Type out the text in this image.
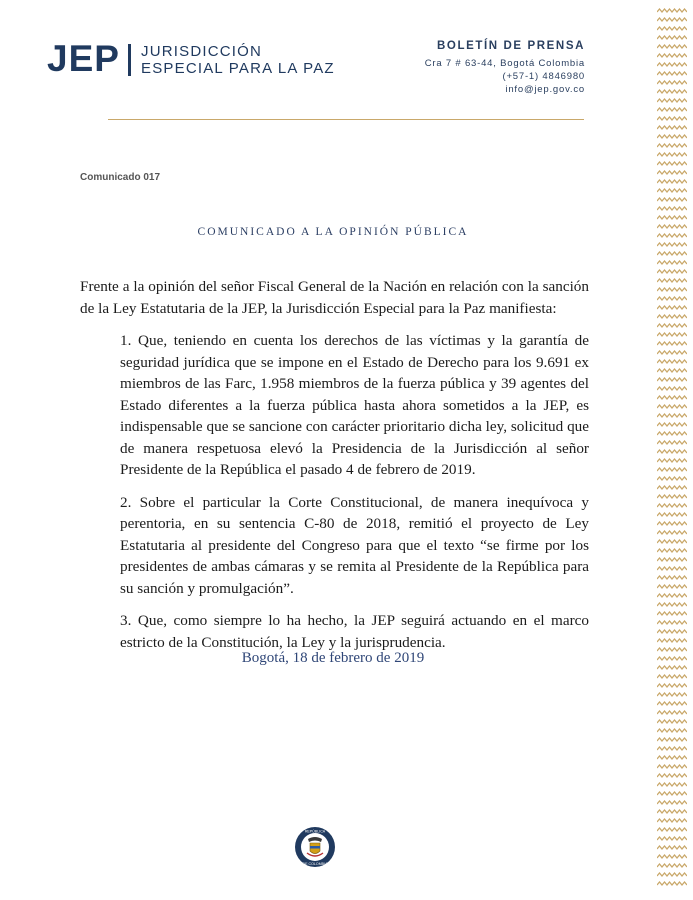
JEP JURISDICCIÓN
ESPECIAL PARA LA PAZ
BOLETÍN DE PRENSA
Cra 7 # 63-44, Bogotá Colombia
(+57-1) 4846980
info@jep.gov.co
Comunicado 017
COMUNICADO A LA OPINIÓN PÚBLICA

Frente a la opinión del señor Fiscal General de la Nación en relación con la sanción de la Ley Estatutaria de la JEP, la Jurisdicción Especial para la Paz manifiesta:

1. Que, teniendo en cuenta los derechos de las víctimas y la garantía de seguridad jurídica que se impone en el Estado de Derecho para los 9.691 ex miembros de las Farc, 1.958 miembros de la fuerza pública y 39 agentes del Estado diferentes a la fuerza pública hasta ahora sometidos a la JEP, es indispensable que se sancione con carácter prioritario dicha ley, solicitud que de manera respetuosa elevó la Presidencia de la Jurisdicción al señor Presidente de la República el pasado 4 de febrero de 2019.

2. Sobre el particular la Corte Constitucional, de manera inequívoca y perentoria, en su sentencia C-80 de 2018, remitió el proyecto de Ley Estatutaria al presidente del Congreso para que el texto “se firme por los presidentes de ambas cámaras y se remita al Presidente de la República para su sanción y promulgación”.

3. Que, como siempre lo ha hecho, la JEP seguirá actuando en el marco estricto de la Constitución, la Ley y la jurisprudencia.

Bogotá, 18 de febrero de 2019
REPÚBLICA
DE COLOMBIA
